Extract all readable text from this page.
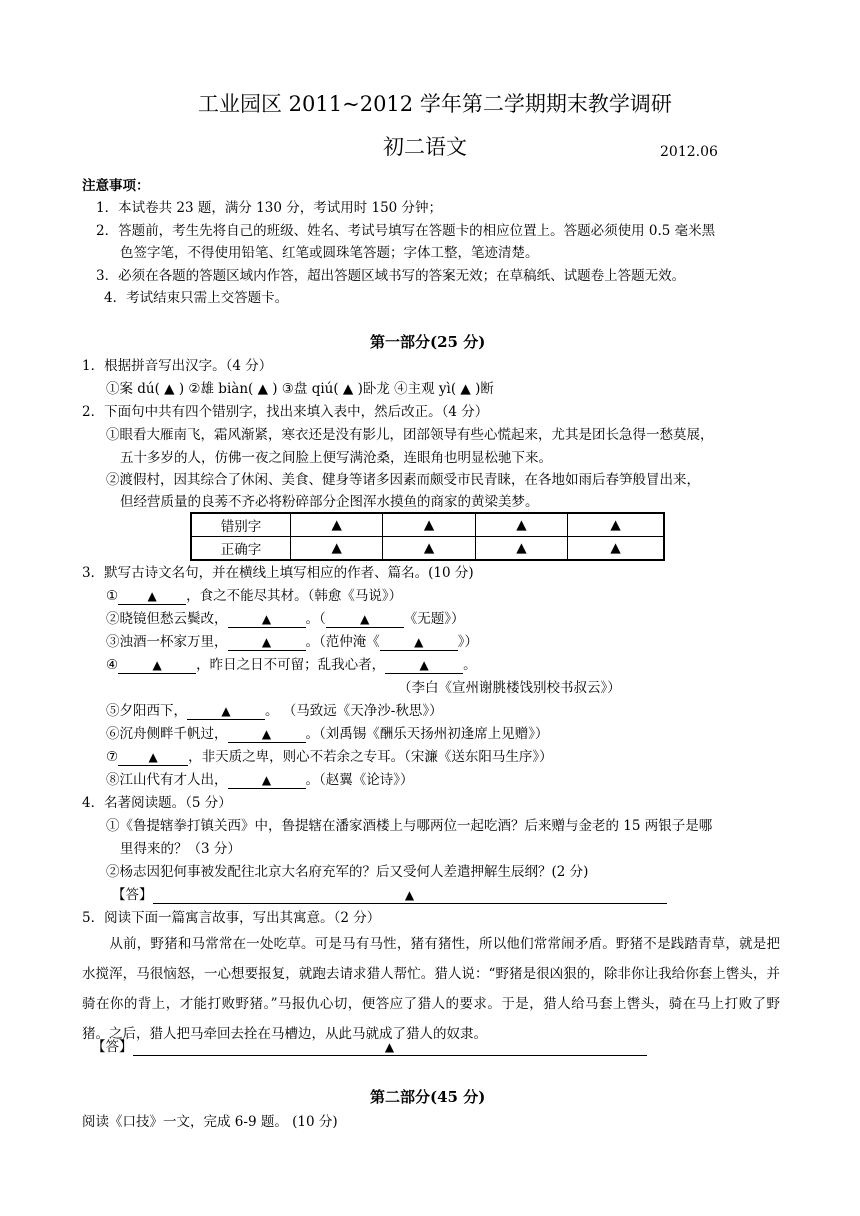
工业园区 2011~2012 学年第二学期期末教学调研
初二语文	2012.06
注意事项：
1．本试卷共 23 题，满分 130 分，考试用时 150 分钟；
2．答题前，考生先将自己的班级、姓名、考试号填写在答题卡的相应位置上。答题必须使用 0.5 毫米黑
色签字笔，不得使用铅笔、红笔或圆珠笔答题；字体工整，笔迹清楚。
3．必须在各题的答题区域内作答，超出答题区域书写的答案无效；在草稿纸、试题卷上答题无效。
4．考试结束只需上交答题卡。
第一部分(25 分)
1．根据拼音写出汉字。（4 分）
①案 dú( ▲ ) ②雄 biàn( ▲ ) ③盘 qiú( ▲ )卧龙 ④主观 yì( ▲ )断
2．下面句中共有四个错别字，找出来填入表中，然后改正。（4 分）
①眼看大雁南飞，霜风渐紧，寒衣还是没有影儿，团部领导有些心慌起来，尤其是团长急得一愁莫展，
五十多岁的人，仿佛一夜之间脸上便写满沧桑，连眼角也明显松驰下来。
②渡假村，因其综合了休闲、美食、健身等诸多因素而颇受市民青睐，在各地如雨后春笋般冒出来，
但经营质量的良莠不齐必将粉碎部分企图浑水摸鱼的商家的黄梁美梦。
错别字	▲	▲	▲	▲
正确字	▲	▲	▲	▲
3．默写古诗文名句，并在横线上填写相应的作者、篇名。(10 分)
① ▲ ，食之不能尽其材。（韩愈《马说》）
②晓镜但愁云鬓改，	▲	。（	▲	《无题》）
③浊酒一杯家万里，	▲	。（范仲淹《	▲	》）
④	▲	，昨日之日不可留；乱我心者，	▲	。
（李白《宣州谢朓楼饯别校书叔云》）
⑤夕阳西下，	▲	。 （马致远《天净沙-秋思》）
⑥沉舟侧畔千帆过，	▲	。（刘禹锡《酬乐天扬州初逢席上见赠》）
⑦	▲ ，非天质之卑，则心不若余之专耳。（宋濂《送东阳马生序》）
⑧江山代有才人出，	▲	。（赵翼《论诗》）
4．名著阅读题。（5 分）
①《鲁提辖拳打镇关西》中，鲁提辖在潘家酒楼上与哪两位一起吃酒？后来赠与金老的 15 两银子是哪
里得来的？（3 分）
②杨志因犯何事被发配往北京大名府充军的？后又受何人差遣押解生辰纲？(2 分)
【答】	▲
5．阅读下面一篇寓言故事，写出其寓意。（2 分）
　　从前，野猪和马常常在一处吃草。可是马有马性，猪有猪性，所以他们常常闹矛盾。野猪不是践踏青草，就是把水搅浑，马很恼怒，一心想要报复，就跑去请求猎人帮忙。猎人说：“野猪是很凶狠的，除非你让我给你套上辔头，并骑在你的背上，才能打败野猪。”马报仇心切，便答应了猎人的要求。于是，猎人给马套上辔头，骑在马上打败了野猪。之后，猎人把马牵回去拴在马槽边，从此马就成了猎人的奴隶。
【答】	▲
第二部分(45 分)
阅读《口技》一文，完成 6-9 题。 (10 分)
